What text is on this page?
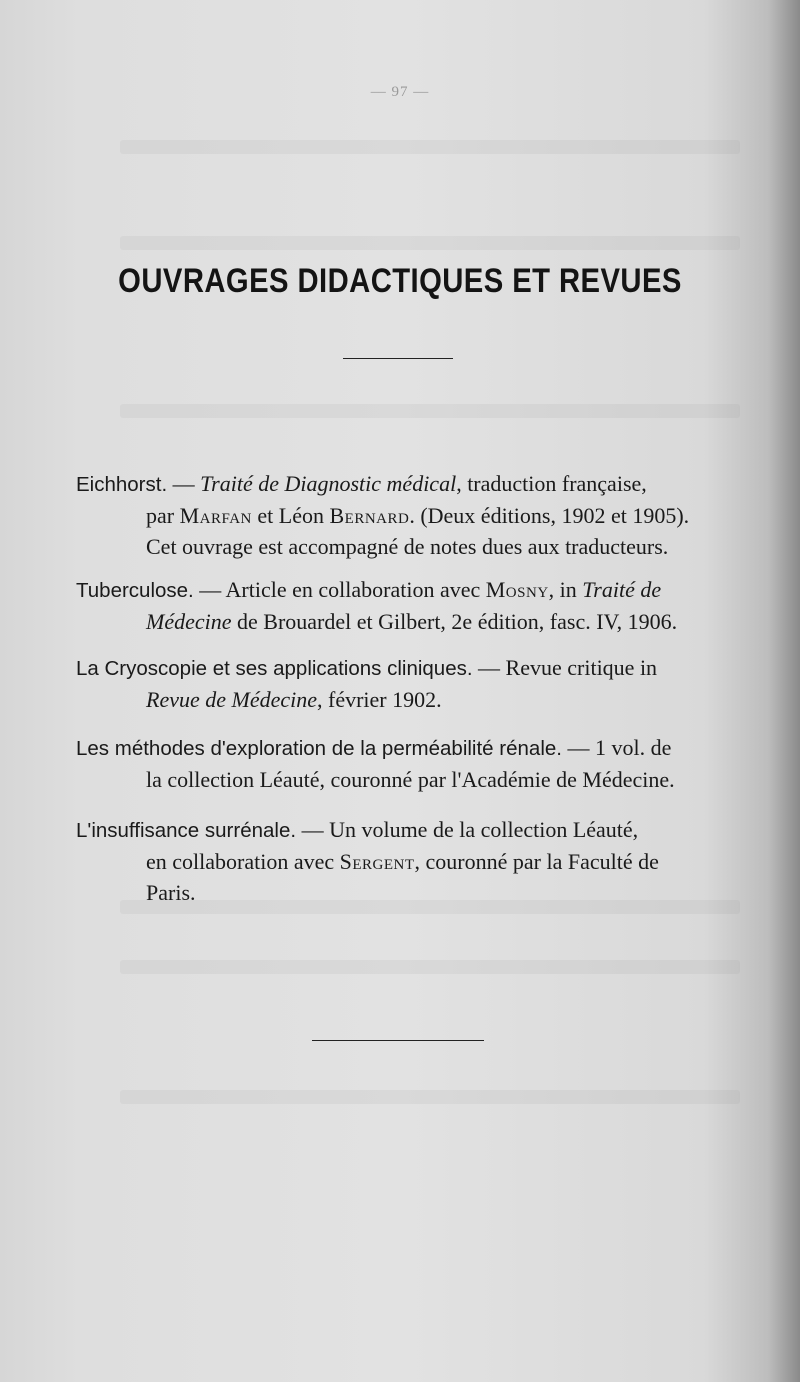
— 97 —
OUVRAGES DIDACTIQUES ET REVUES
Eichhorst. — Traité de Diagnostic médical, traduction française,
par Marfan et Léon Bernard. (Deux éditions, 1902 et 1905).
Cet ouvrage est accompagné de notes dues aux traducteurs.
Tuberculose. — Article en collaboration avec Mosny, in Traité de
Médecine de Brouardel et Gilbert, 2e édition, fasc. IV, 1906.
La Cryoscopie et ses applications cliniques. — Revue critique in
Revue de Médecine, février 1902.
Les méthodes d'exploration de la perméabilité rénale. — 1 vol. de
la collection Léauté, couronné par l'Académie de Médecine.
L'insuffisance surrénale. — Un volume de la collection Léauté,
en collaboration avec Sergent, couronné par la Faculté de
Paris.
